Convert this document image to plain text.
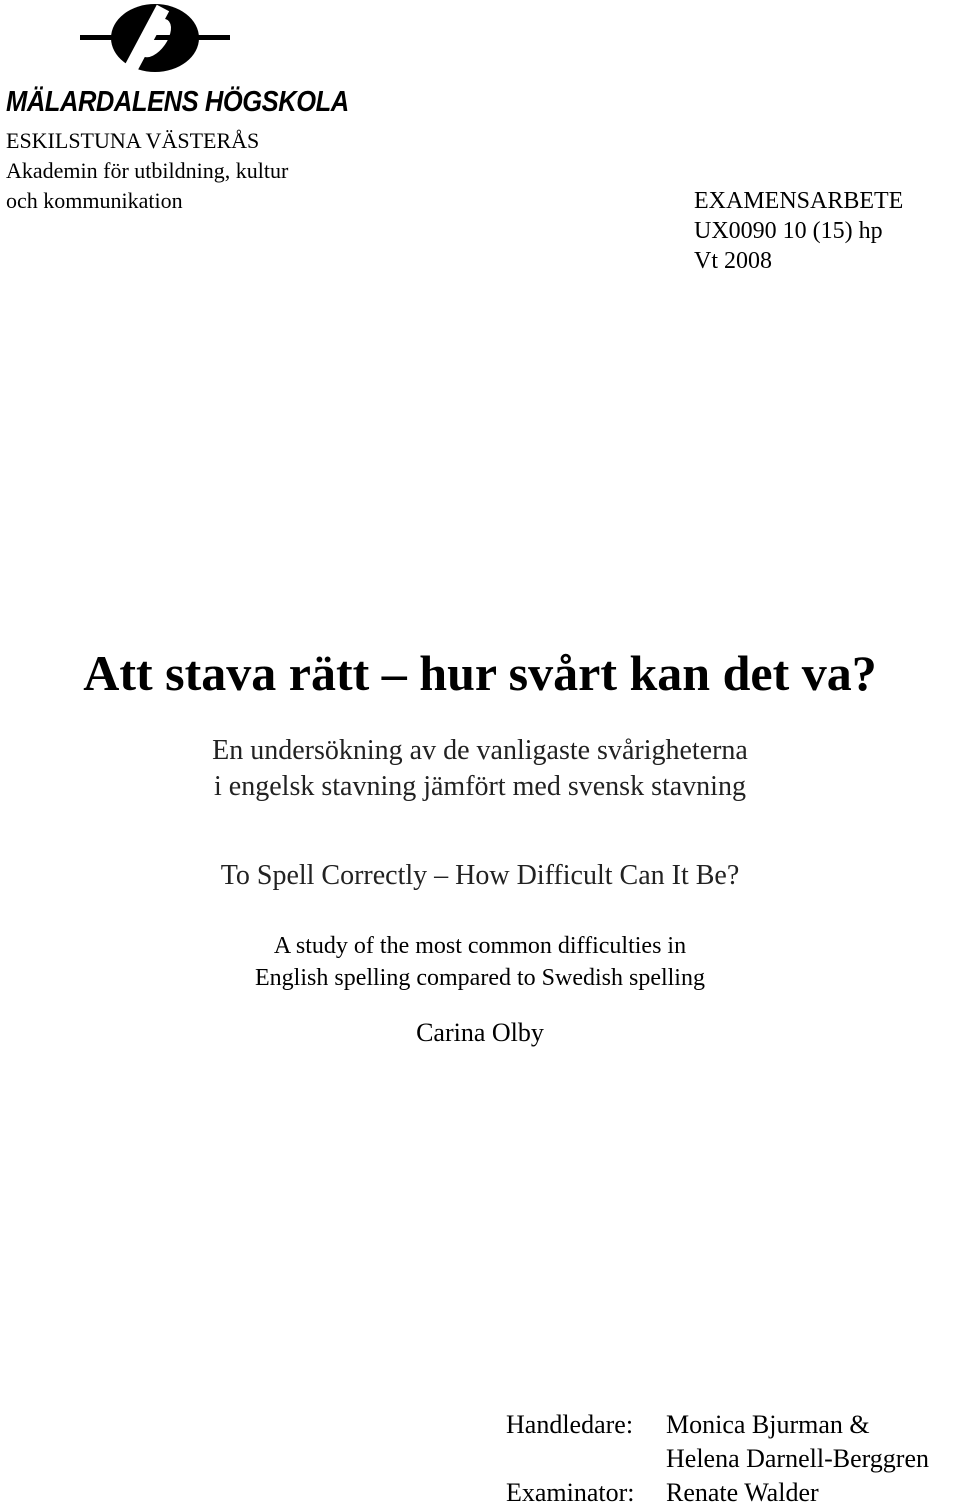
MÄLARDALENS HÖGSKOLA
ESKILSTUNA VÄSTERÅS
Akademin för utbildning, kultur
och kommunikation	EXAMENSARBETE
UX0090 10 (15) hp
Vt 2008
Att stava rätt – hur svårt kan det va?
En undersökning av de vanligaste svårigheterna
i engelsk stavning jämfört med svensk stavning
To Spell Correctly – How Difficult Can It Be?
A study of the most common difficulties in
English spelling compared to Swedish spelling
Carina Olby
Handledare:	Monica Bjurman &
Helena Darnell-Berggren
Examinator:	Renate Walder
